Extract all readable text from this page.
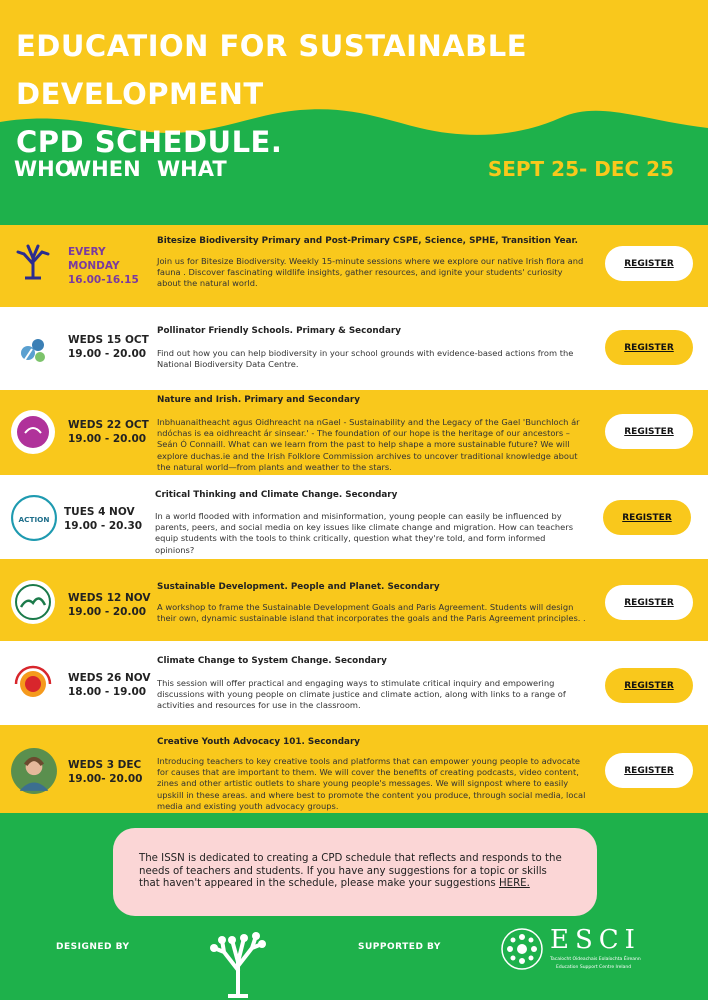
EDUCATION FOR SUSTAINABLE DEVELOPMENT
CPD SCHEDULE.
WHO
WHEN WHAT	SEPT 25- DEC 25
EVERY
MONDAY
16.00-16.15
Bitesize Biodiversity Primary and Post-Primary CSPE, Science, SPHE, Transition Year.
Join us for Bitesize Biodiversity. Weekly 15-minute sessions where we explore our native Irish flora and fauna . Discover fascinating wildlife insights, gather resources, and ignite your students' curiosity about the natural world.
REGISTER
WEDS 15 OCT
19.00 - 20.00
Pollinator Friendly Schools. Primary & Secondary
Find out how you can help biodiversity in your school grounds with evidence-based actions from the National Biodiversity Data Centre.
REGISTER
WEDS 22 OCT
19.00 - 20.00
Nature and Irish. Primary and Secondary
Inbhuanaitheacht agus Oidhreacht na nGael - Sustainability and the Legacy of the Gael 'Bunchloch ár ndóchas is ea oidhreacht ár sinsear.' - The foundation of our hope is the heritage of our ancestors – Seán Ó Connaill. What can we learn from the past to help shape a more sustainable future? We will explore duchas.ie and the Irish Folklore Commission archives to uncover traditional knowledge about the natural world—from plants and weather to the stars.
REGISTER
ACTION
TUES 4 NOV
19.00 - 20.30
Critical Thinking and Climate Change. Secondary
In a world flooded with information and misinformation, young people can easily be influenced by parents, peers, and social media on key issues like climate change and migration. How can teachers equip students with the tools to think critically, question what they're told, and form informed opinions?
REGISTER
WEDS 12 NOV
19.00 - 20.00
Sustainable Development. People and Planet. Secondary
A workshop to frame the Sustainable Development Goals and Paris Agreement. Students will design their own, dynamic sustainable island that incorporates the goals and the Paris Agreement principles. .
REGISTER
WEDS 26 NOV
18.00 - 19.00
Climate Change to System Change. Secondary
This session will offer practical and engaging ways to stimulate critical inquiry and empowering discussions with young people on climate justice and climate action, along with links to a range of activities and resources for use in the classroom.
REGISTER
WEDS 3 DEC
19.00- 20.00
Creative Youth Advocacy 101. Secondary
Introducing teachers to key creative tools and platforms that can empower young people to advocate for causes that are important to them. We will cover the benefits of creating podcasts, video content, zines and other artistic outlets to share young people's messages. We will signpost where to easily upskill in these areas. and where best to promote the content you produce, through social media, local media and existing youth advocacy groups.
REGISTER
The ISSN is dedicated to creating a CPD schedule that reflects and responds to the needs of teachers and students. If you have any suggestions for a topic or skills that haven't appeared in the schedule, please make your suggestions HERE.
DESIGNED BY	SUPPORTED BY	ESCI
Tacaíocht Oideachais Eolaíochta Éireann
Education Support Centre Ireland
